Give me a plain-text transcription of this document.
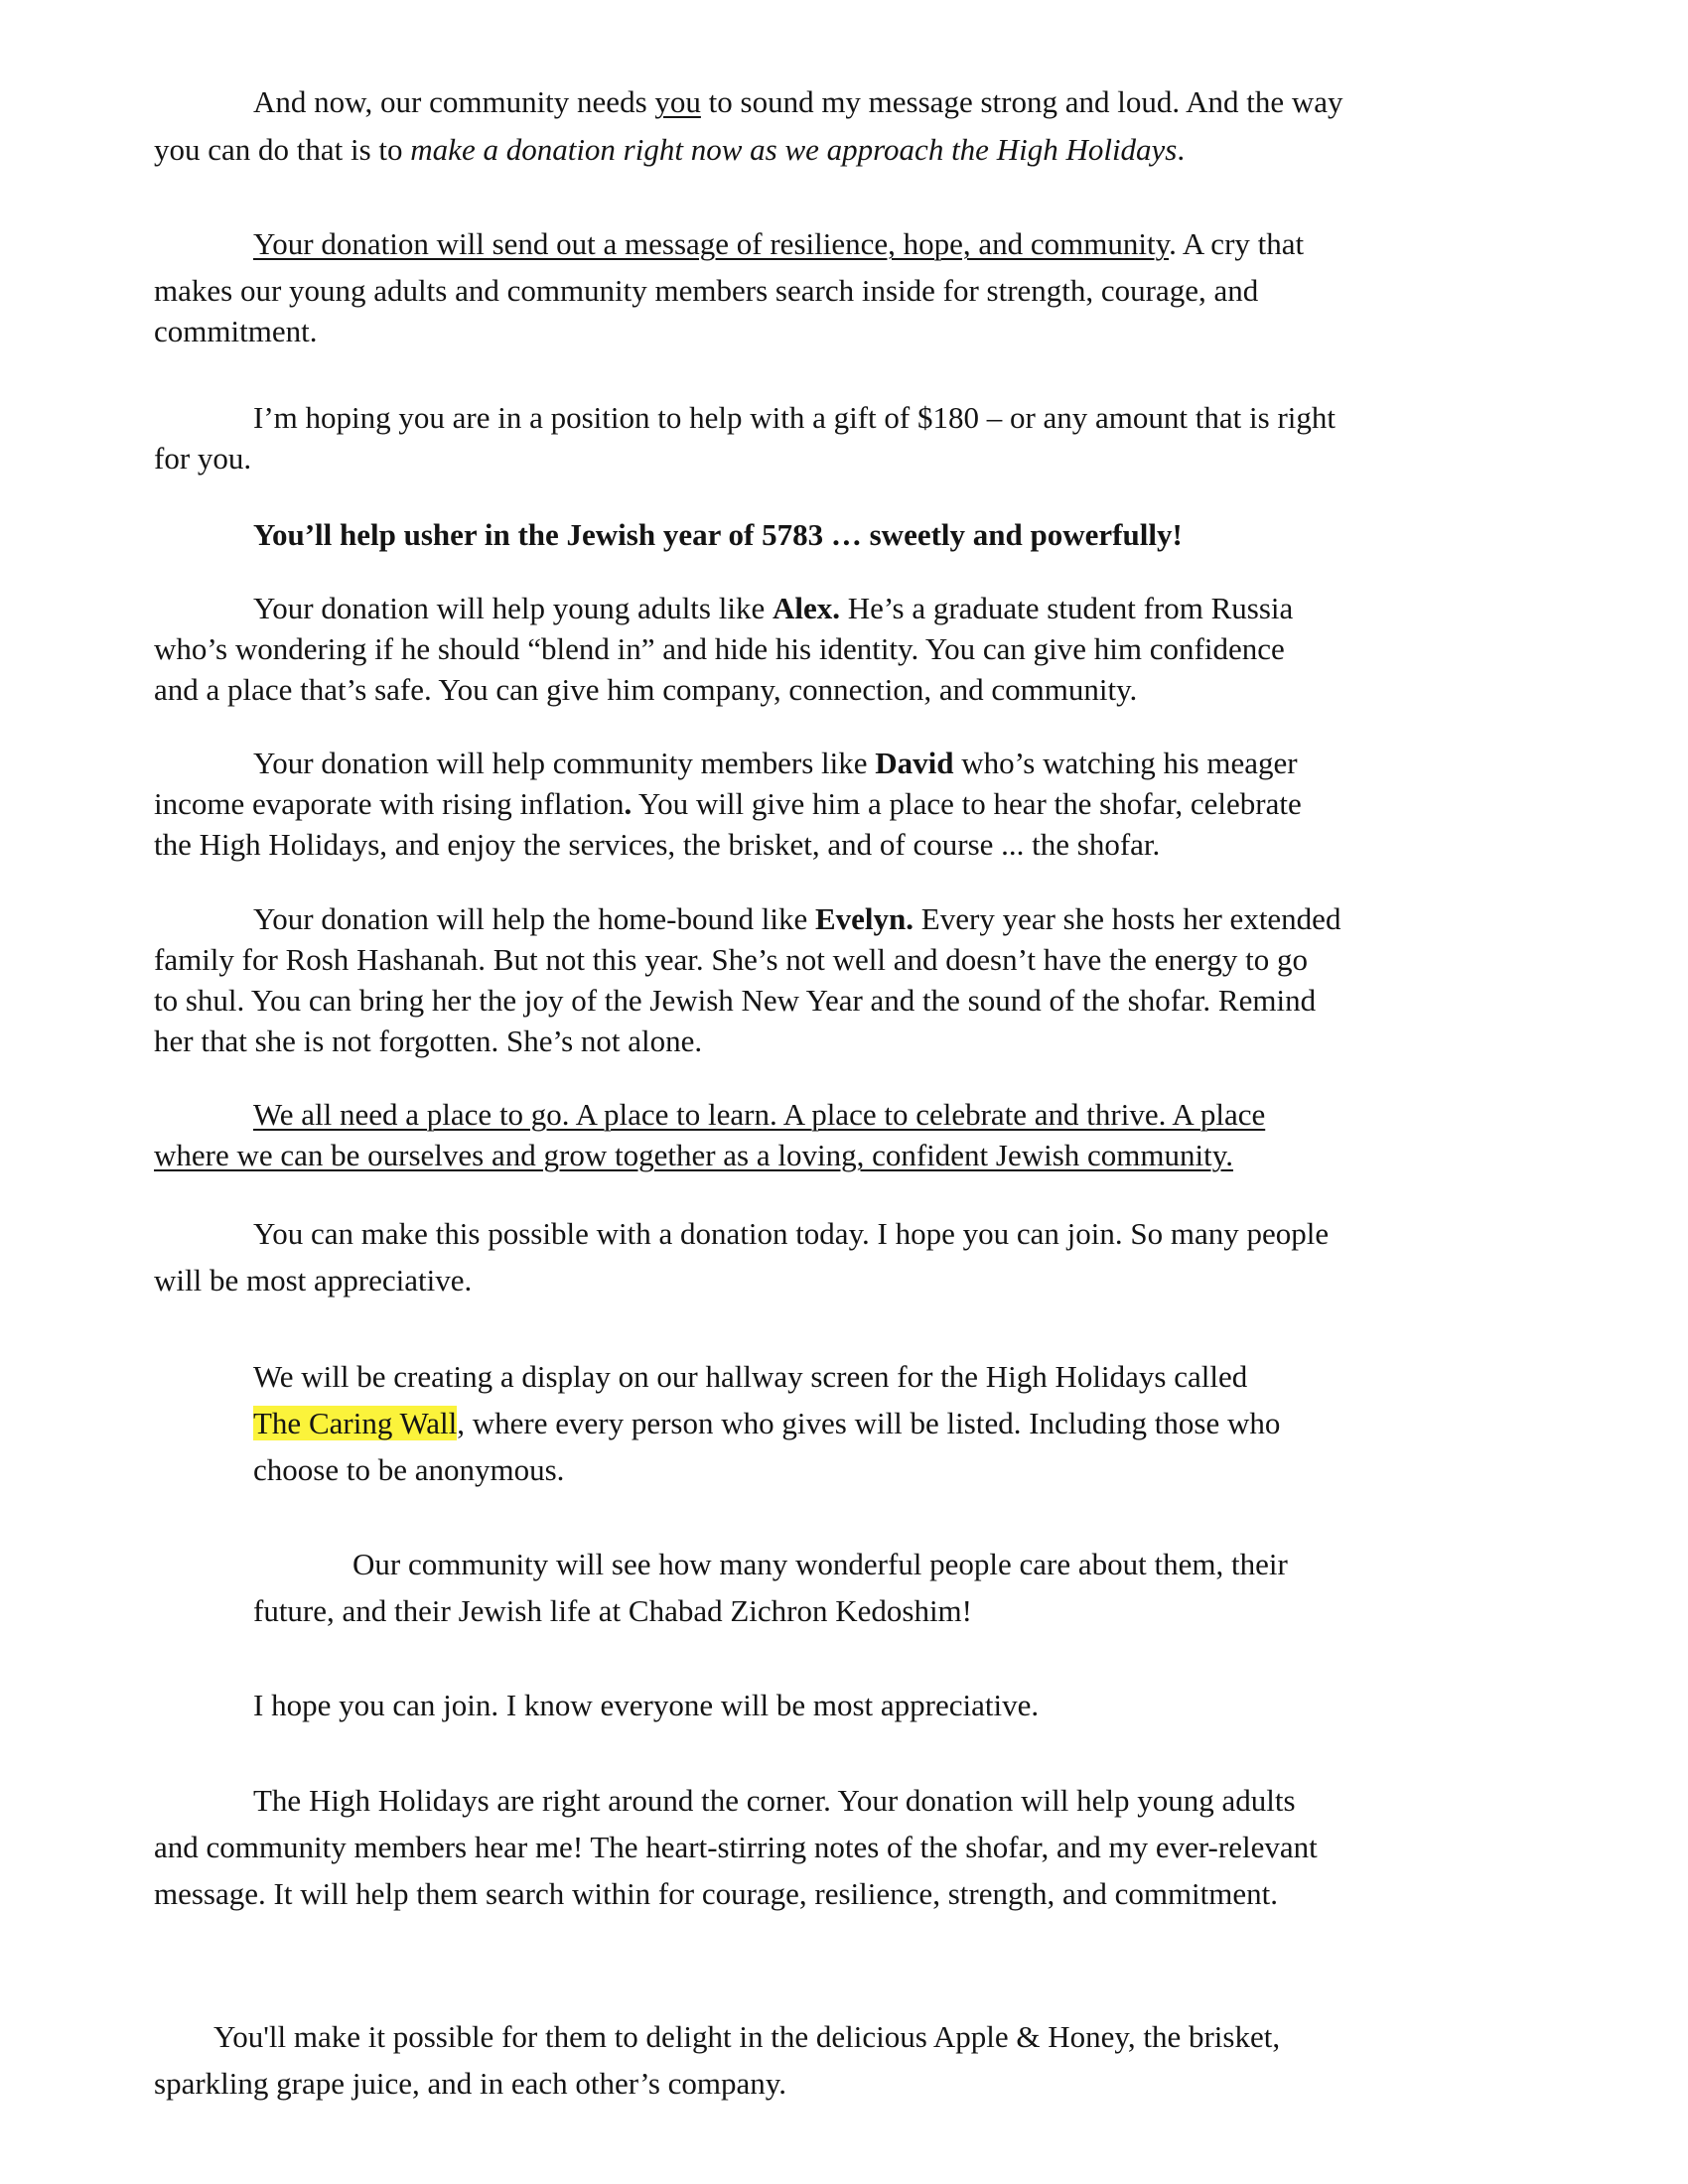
And now, our community needs you to sound my message strong and loud. And the way
you can do that is to make a donation right now as we approach the High Holidays.
Your donation will send out a message of resilience, hope, and community. A cry that
makes our young adults and community members search inside for strength, courage, and
commitment.
I’m hoping you are in a position to help with a gift of $180 – or any amount that is right
for you.
You’ll help usher in the Jewish year of 5783 … sweetly and powerfully!
Your donation will help young adults like Alex. He’s a graduate student from Russia
who’s wondering if he should “blend in” and hide his identity. You can give him confidence
and a place that’s safe. You can give him company, connection, and community.
Your donation will help community members like David who’s watching his meager
income evaporate with rising inflation. You will give him a place to hear the shofar, celebrate
the High Holidays, and enjoy the services, the brisket, and of course ... the shofar.
Your donation will help the home-bound like Evelyn. Every year she hosts her extended
family for Rosh Hashanah. But not this year. She’s not well and doesn’t have the energy to go
to shul. You can bring her the joy of the Jewish New Year and the sound of the shofar. Remind
her that she is not forgotten. She’s not alone.
We all need a place to go. A place to learn. A place to celebrate and thrive. A place
where we can be ourselves and grow together as a loving, confident Jewish community.
You can make this possible with a donation today. I hope you can join. So many people
will be most appreciative.
We will be creating a display on our hallway screen for the High Holidays called
The Caring Wall, where every person who gives will be listed. Including those who
choose to be anonymous.
Our community will see how many wonderful people care about them, their
future, and their Jewish life at Chabad Zichron Kedoshim!
I hope you can join. I know everyone will be most appreciative.
The High Holidays are right around the corner. Your donation will help young adults
and community members hear me! The heart-stirring notes of the shofar, and my ever-relevant
message. It will help them search within for courage, resilience, strength, and commitment.
You'll make it possible for them to delight in the delicious Apple & Honey, the brisket,
sparkling grape juice, and in each other’s company.
